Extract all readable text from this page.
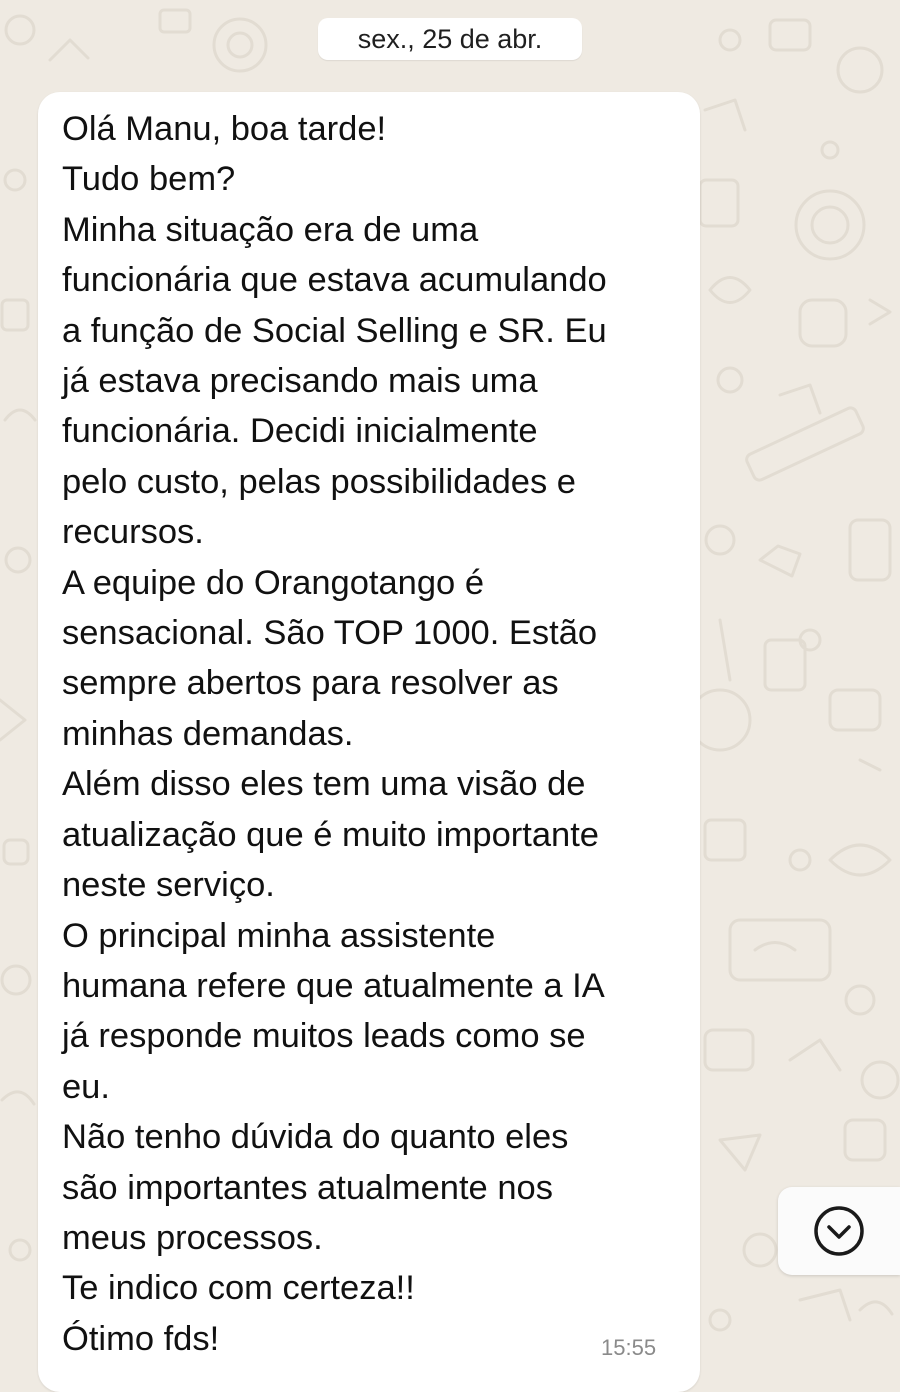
sex., 25 de abr.
Olá Manu, boa tarde!
Tudo bem?
Minha situação era de uma
funcionária que estava acumulando
a função de Social Selling e SR. Eu
já estava precisando mais uma
funcionária. Decidi inicialmente
pelo custo, pelas possibilidades e
recursos.
A equipe do Orangotango é
sensacional. São TOP 1000. Estão
sempre abertos para resolver as
minhas demandas.
Além disso eles tem uma visão de
atualização que é muito importante
neste serviço.
O principal minha assistente
humana refere que atualmente a IA
já responde muitos leads como se
eu.
Não tenho dúvida do quanto eles
são importantes atualmente nos
meus processos.
Te indico com certeza!!
Ótimo fds!	15:55
